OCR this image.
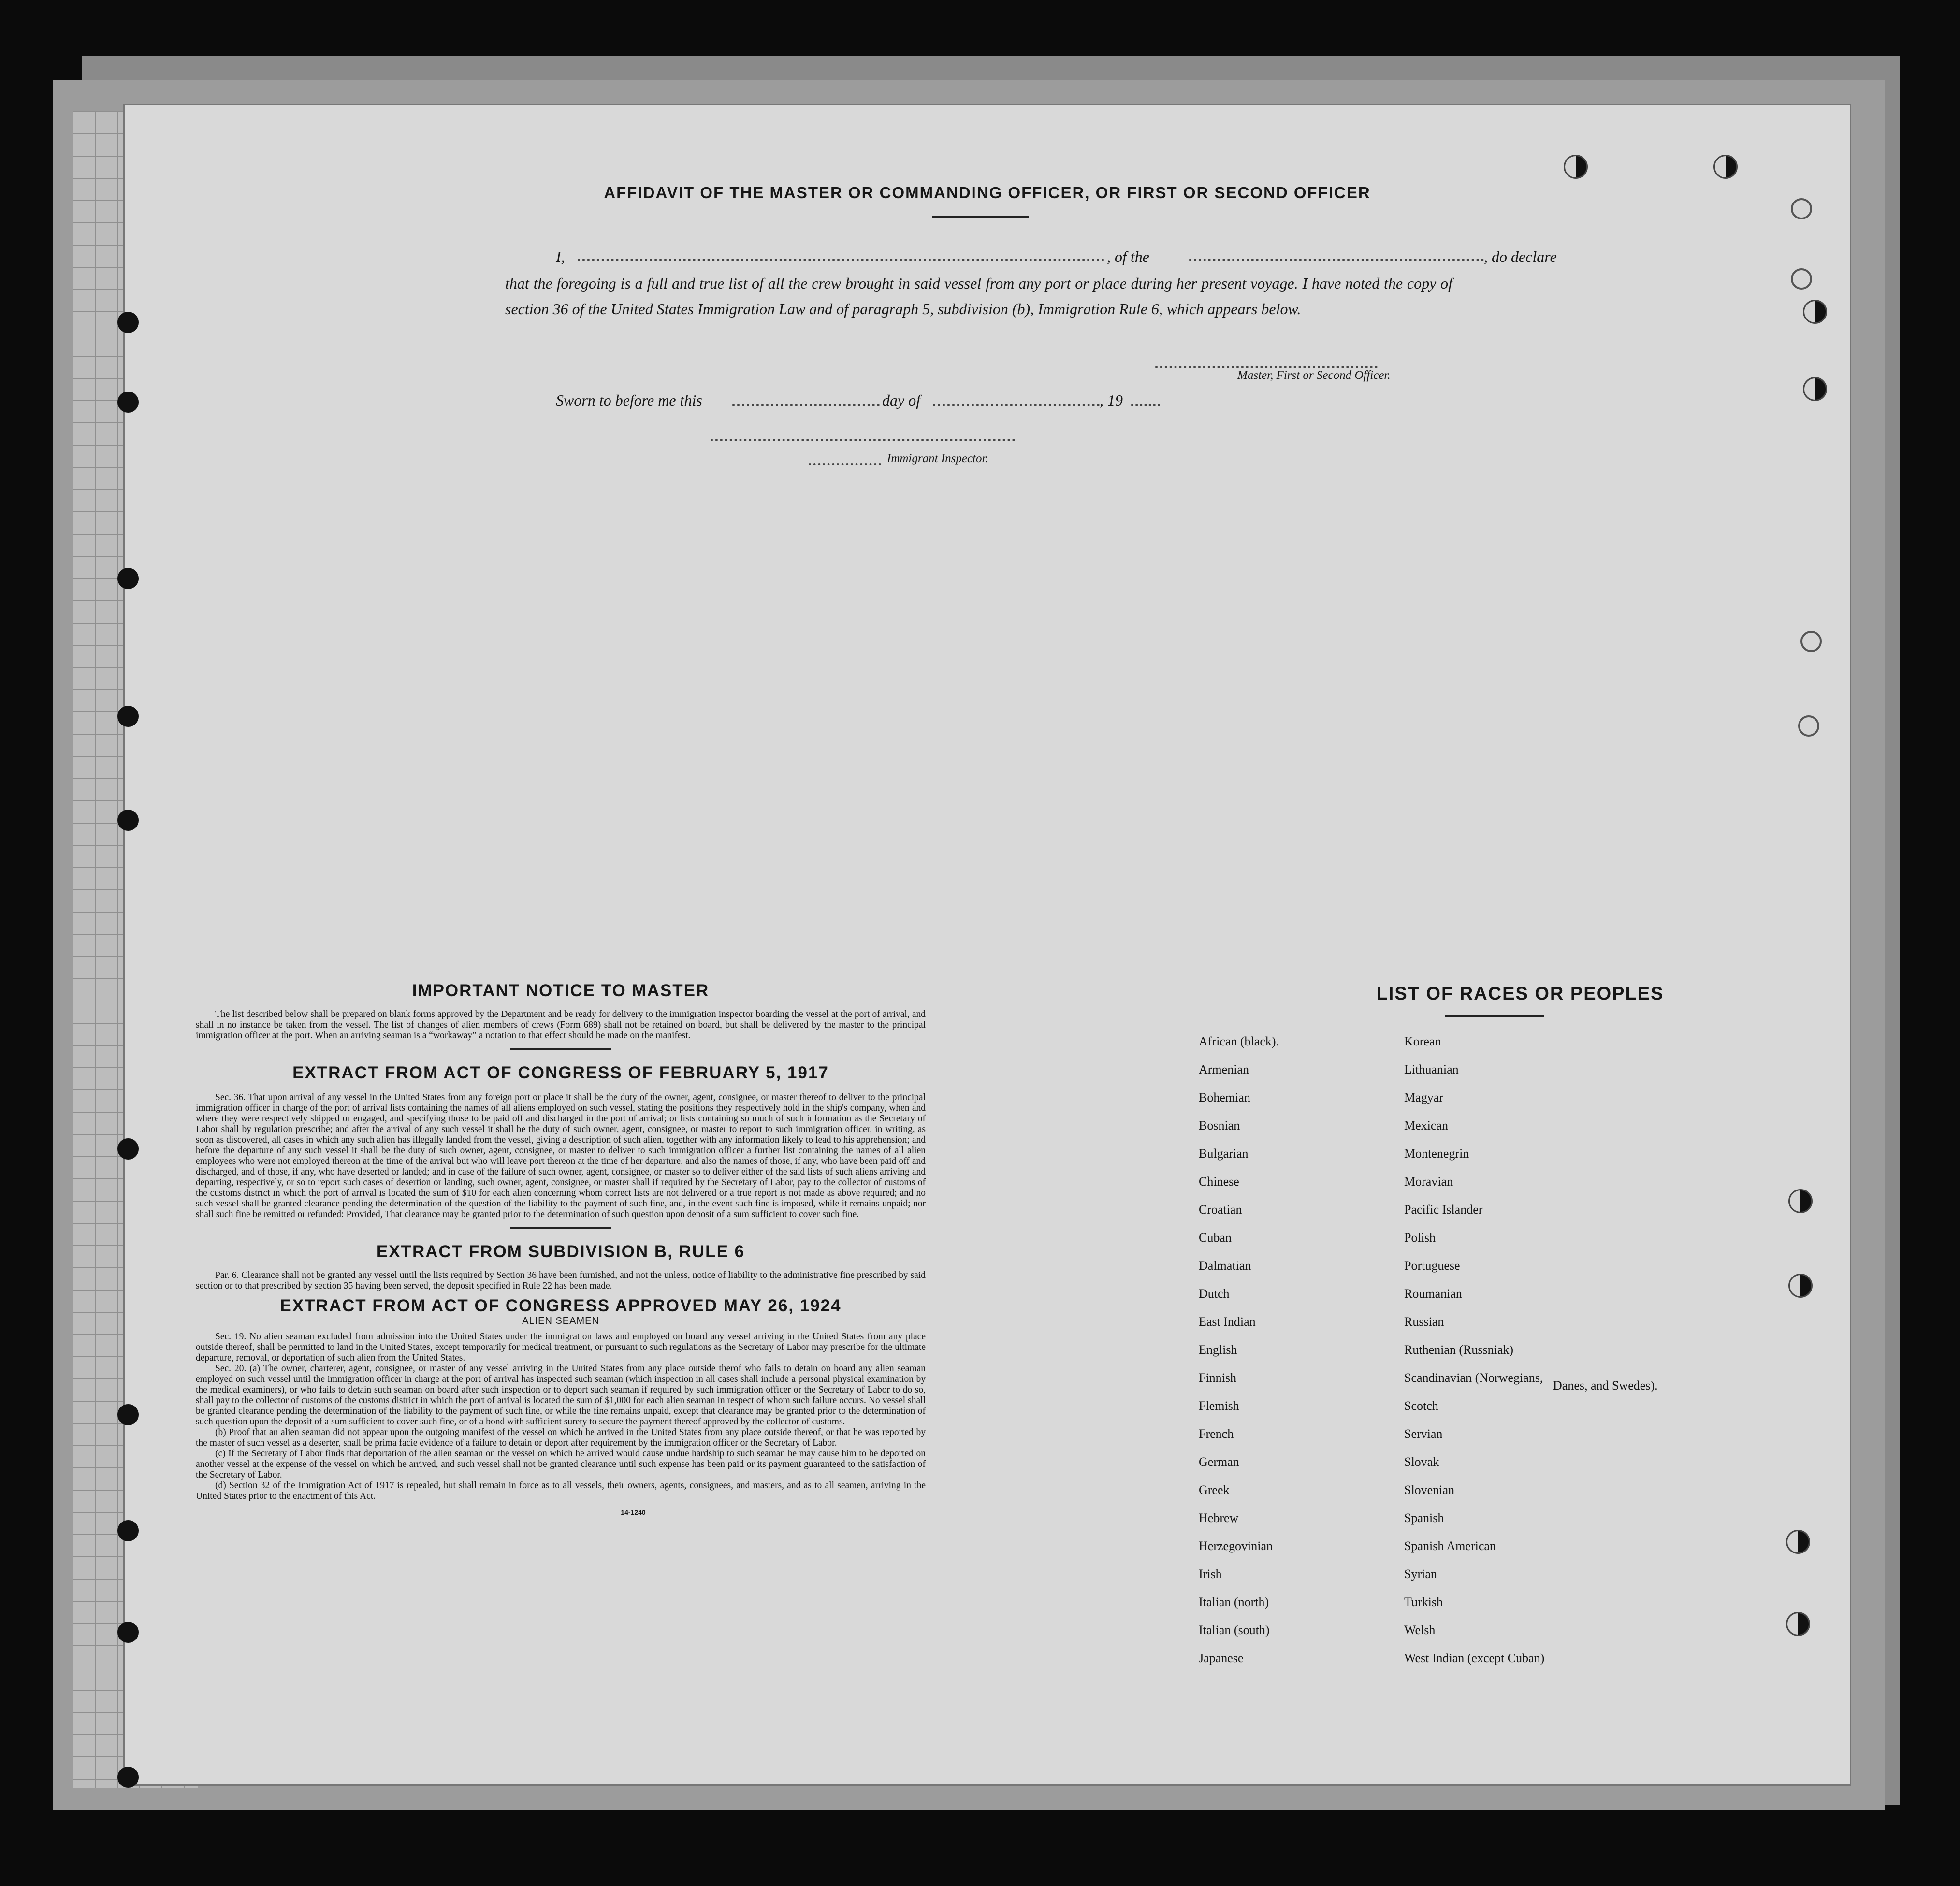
AFFIDAVIT OF THE MASTER OR COMMANDING OFFICER, OR FIRST OR SECOND OFFICER
I,	, of the	, do declare
that the foregoing is a full and true list of all the crew brought in said vessel from any port or place during her present voyage. I have noted the copy of section 36 of the United States Immigration Law and of paragraph 5, subdivision (b), Immigration Rule 6, which appears below.
Master, First or Second Officer.
Sworn to before me this	day of	, 19
Immigrant Inspector.
IMPORTANT NOTICE TO MASTER

The list described below shall be prepared on blank forms approved by the Department and be ready for delivery to the immigration inspector boarding the vessel at the port of arrival, and shall in no instance be taken from the vessel. The list of changes of alien members of crews (Form 689) shall not be retained on board, but shall be delivered by the master to the principal immigration officer at the port. When an arriving seaman is a “workaway” a notation to that effect should be made on the manifest.

EXTRACT FROM ACT OF CONGRESS OF FEBRUARY 5, 1917

Sec. 36. That upon arrival of any vessel in the United States from any foreign port or place it shall be the duty of the owner, agent, consignee, or master thereof to deliver to the principal immigration officer in charge of the port of arrival lists containing the names of all aliens employed on such vessel, stating the positions they respectively hold in the ship's company, when and where they were respectively shipped or engaged, and specifying those to be paid off and discharged in the port of arrival; or lists containing so much of such information as the Secretary of Labor shall by regulation prescribe; and after the arrival of any such vessel it shall be the duty of such owner, agent, consignee, or master to report to such immigration officer, in writing, as soon as discovered, all cases in which any such alien has illegally landed from the vessel, giving a description of such alien, together with any information likely to lead to his apprehension; and before the departure of any such vessel it shall be the duty of such owner, agent, consignee, or master to deliver to such immigration officer a further list containing the names of all alien employees who were not employed thereon at the time of the arrival but who will leave port thereon at the time of her departure, and also the names of those, if any, who have been paid off and discharged, and of those, if any, who have deserted or landed; and in case of the failure of such owner, agent, consignee, or master so to deliver either of the said lists of such aliens arriving and departing, respectively, or so to report such cases of desertion or landing, such owner, agent, consignee, or master shall if required by the Secretary of Labor, pay to the collector of customs of the customs district in which the port of arrival is located the sum of $10 for each alien concerning whom correct lists are not delivered or a true report is not made as above required; and no such vessel shall be granted clearance pending the determination of the question of the liability to the payment of such fine, and, in the event such fine is imposed, while it remains unpaid; nor shall such fine be remitted or refunded: Provided, That clearance may be granted prior to the determination of such question upon deposit of a sum sufficient to cover such fine.

EXTRACT FROM SUBDIVISION B, RULE 6

Par. 6. Clearance shall not be granted any vessel until the lists required by Section 36 have been furnished, and not the unless, notice of liability to the administrative fine prescribed by said section or to that prescribed by section 35 having been served, the deposit specified in Rule 22 has been made.

EXTRACT FROM ACT OF CONGRESS APPROVED MAY 26, 1924
ALIEN SEAMEN

Sec. 19. No alien seaman excluded from admission into the United States under the immigration laws and employed on board any vessel arriving in the United States from any place outside thereof, shall be permitted to land in the United States, except temporarily for medical treatment, or pursuant to such regulations as the Secretary of Labor may prescribe for the ultimate departure, removal, or deportation of such alien from the United States.

Sec. 20. (a) The owner, charterer, agent, consignee, or master of any vessel arriving in the United States from any place outside therof who fails to detain on board any alien seaman employed on such vessel until the immigration officer in charge at the port of arrival has inspected such seaman (which inspection in all cases shall include a personal physical examination by the medical examiners), or who fails to detain such seaman on board after such inspection or to deport such seaman if required by such immigration officer or the Secretary of Labor to do so, shall pay to the collector of customs of the customs district in which the port of arrival is located the sum of $1,000 for each alien seaman in respect of whom such failure occurs. No vessel shall be granted clearance pending the determination of the liability to the payment of such fine, or while the fine remains unpaid, except that clearance may be granted prior to the determination of such question upon the deposit of a sum sufficient to cover such fine, or of a bond with sufficient surety to secure the payment thereof approved by the collector of customs.

(b) Proof that an alien seaman did not appear upon the outgoing manifest of the vessel on which he arrived in the United States from any place outside thereof, or that he was reported by the master of such vessel as a deserter, shall be prima facie evidence of a failure to detain or deport after requirement by the immigration officer or the Secretary of Labor.

(c) If the Secretary of Labor finds that deportation of the alien seaman on the vessel on which he arrived would cause undue hardship to such seaman he may cause him to be deported on another vessel at the expense of the vessel on which he arrived, and such vessel shall not be granted clearance until such expense has been paid or its payment guaranteed to the satisfaction of the Secretary of Labor.

(d) Section 32 of the Immigration Act of 1917 is repealed, but shall remain in force as to all vessels, their owners, agents, consignees, and masters, and as to all seamen, arriving in the United States prior to the enactment of this Act.

14-1240
LIST OF RACES OR PEOPLES
African (black).
Armenian
Bohemian
Bosnian
Bulgarian
Chinese
Croatian
Cuban
Dalmatian
Dutch
East Indian
English
Finnish
Flemish
French
German
Greek
Hebrew
Herzegovinian
Irish
Italian (north)
Italian (south)
Japanese
Korean
Lithuanian
Magyar
Mexican
Montenegrin
Moravian
Pacific Islander
Polish
Portuguese
Roumanian
Russian
Ruthenian (Russniak)
Scandinavian (Norwegians,
Scotch
Servian
Slovak
Slovenian
Spanish
Spanish American
Syrian
Turkish
Welsh
West Indian (except Cuban)
Danes, and Swedes).
